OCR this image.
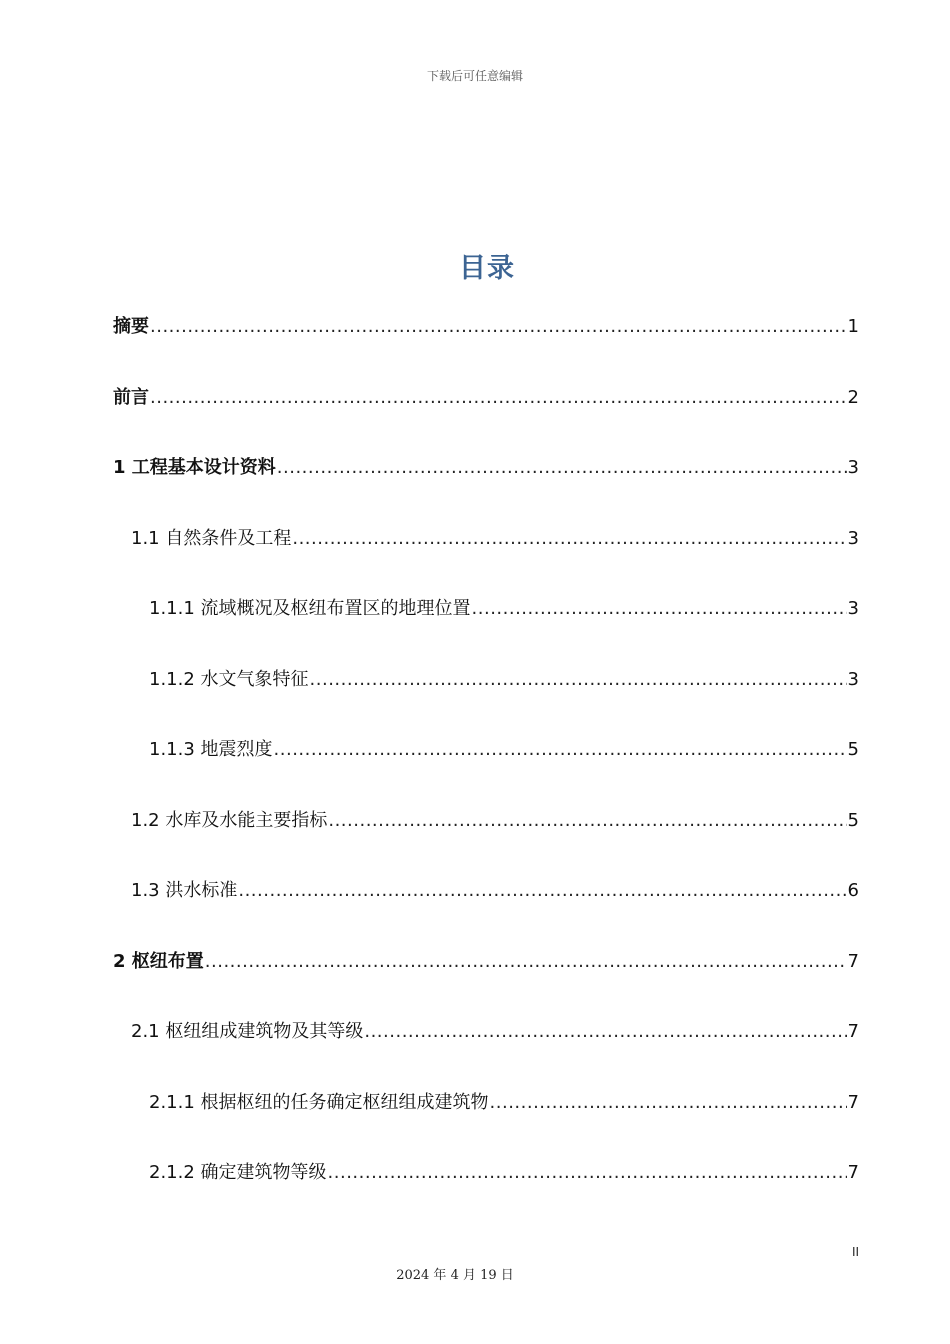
下载后可任意编辑
目录
摘要 .....	1
前言 .....	2
1 工程基本设计资料 .....	3
1.1 自然条件及工程 .....	3
1.1.1 流域概况及枢纽布置区的地理位置 .....	3
1.1.2 水文气象特征 .....	3
1.1.3 地震烈度 .....	5
1.2 水库及水能主要指标 .....	5
1.3 洪水标准 .....	6
2 枢纽布置 .....	7
2.1 枢纽组成建筑物及其等级 .....	7
2.1.1 根据枢纽的任务确定枢纽组成建筑物 .....	7
2.1.2 确定建筑物等级 .....	7
II
2024 年 4 月 19 日
